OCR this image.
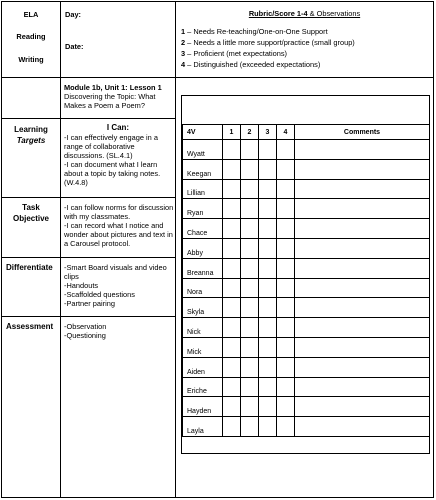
ELA
Reading
Writing
Day:
Date:
Rubric/Score 1-4 & Observations
1 – Needs Re-teaching/One-on-One Support
2 – Needs a little more support/practice (small group)
3 – Proficient (met expectations)
4 – Distinguished (exceeded expectations)
Module 1b, Unit 1: Lesson 1
Discovering the Topic: What Makes a Poem a Poem?
Learning
Targets
I Can:
-I can effectively engage in a range of collaborative discussions. (SL.4.1)
-I can document what I learn about a topic by taking notes. (W.4.8)
Task Objective
-I can follow norms for discussion with my classmates.
-I can record what I notice and wonder about pictures and text in a Carousel protocol.
Differentiate -Smart Board visuals and video clips
-Handouts
-Scaffolded questions
-Partner pairing
Assessment -Observation
-Questioning
4V	1	2	3	4	Comments
Wyatt					
Keegan					
Lillian					
Ryan					
Chace					
Abby					
Breanna					
Nora					
Skyla					
Nick					
Mick					
Aiden					
Eriche					
Hayden					
Layla					
